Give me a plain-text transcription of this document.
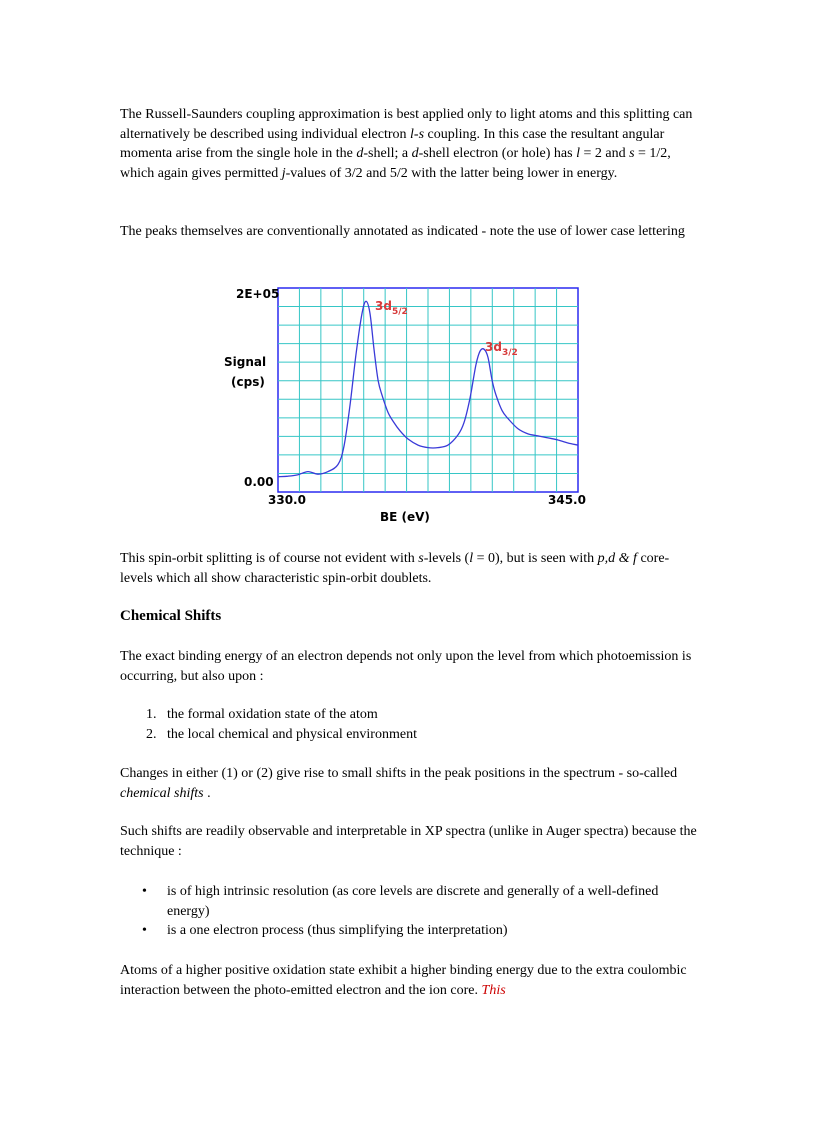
The Russell-Saunders coupling approximation is best applied only to light atoms and this splitting can alternatively be described using individual electron l-s coupling. In this case the resultant angular momenta arise from the single hole in the d-shell; a d-shell electron (or hole) has l = 2 and s = 1/2, which again gives permitted j-values of 3/2 and 5/2 with the latter being lower in energy.

The peaks themselves are conventionally annotated as indicated - note the use of lower case lettering

2E+05
0.00
330.0	345.0
BE (eV)
Signal
(cps)
$3d_{5/2}$
$3d_{3/2}$

This spin-orbit splitting is of course not evident with s-levels (l = 0), but is seen with p,d & f core-levels which all show characteristic spin-orbit doublets.

Chemical Shifts

The exact binding energy of an electron depends not only upon the level from which photoemission is occurring, but also upon :

1. the formal oxidation state of the atom
2. the local chemical and physical environment

Changes in either (1) or (2) give rise to small shifts in the peak positions in the spectrum - so-called chemical shifts .

Such shifts are readily observable and interpretable in XP spectra (unlike in Auger spectra) because the technique :

• is of high intrinsic resolution (as core levels are discrete and generally of a well-defined energy)
• is a one electron process (thus simplifying the interpretation)

Atoms of a higher positive oxidation state exhibit a higher binding energy due to the extra coulombic interaction between the photo-emitted electron and the ion core. This
